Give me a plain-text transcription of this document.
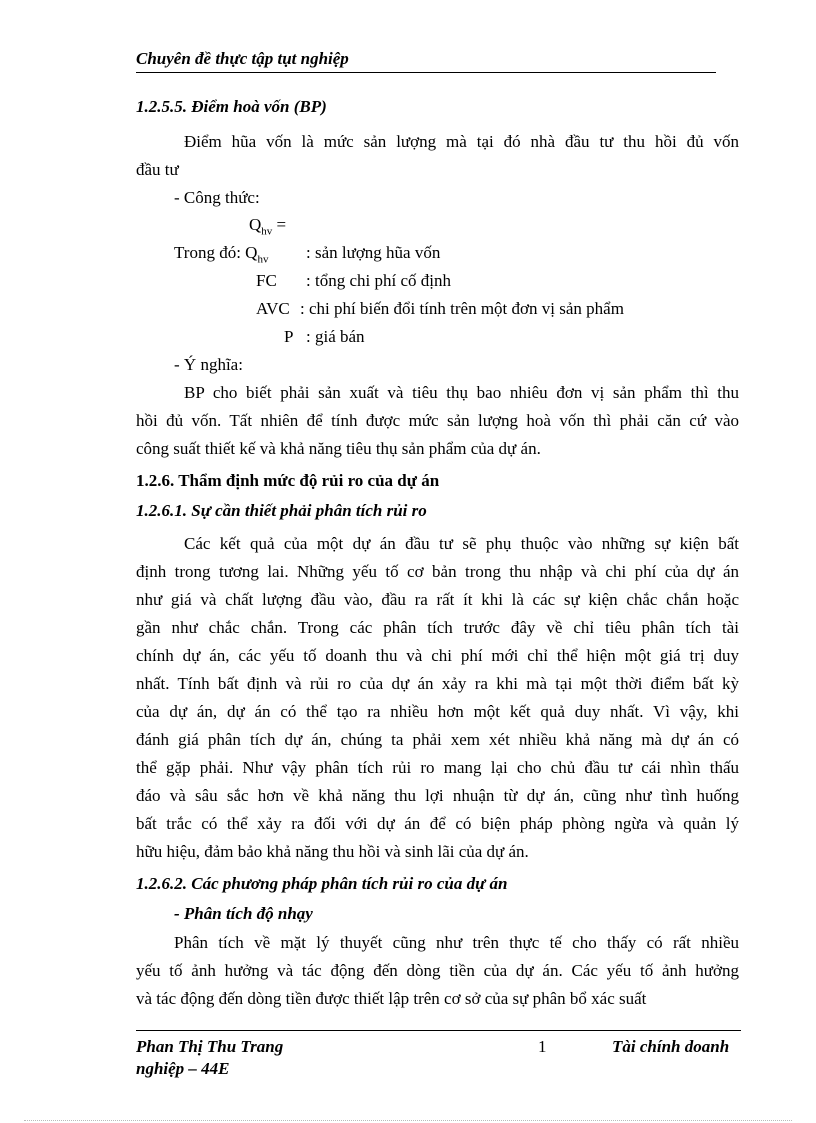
Chuyên đề thực tập tụt nghiệp
1.2.5.5. Điểm hoà vốn (BP)
Điểm hũa vốn là mức sản lượng mà tại đó nhà đầu tư thu hồi đủ vốn
đầu tư
- Công thức:
$Q_{hv}$ =
Trong đó: $Q_{hv}$ : sản lượng hũa vốn
FC : tổng chi phí cố định
AVC : chi phí biến đổi tính trên một đơn vị sản phẩm
P : giá bán
- Ý nghĩa:
BP cho biết phải sản xuất và tiêu thụ bao nhiêu đơn vị sản phẩm thì thu
hồi đủ vốn. Tất nhiên để tính được mức sản lượng hoà vốn thì phải căn cứ vào
công suất thiết kế và khả năng tiêu thụ sản phẩm của dự án.
1.2.6. Thẩm định mức độ rủi ro của dự án
1.2.6.1. Sự cần thiết phải phân tích rủi ro
Các kết quả của một dự án đầu tư sẽ phụ thuộc vào những sự kiện bất
định trong tương lai. Những yếu tố cơ bản trong thu nhập và chi phí của dự án
như giá và chất lượng đầu vào, đầu ra rất ít khi là các sự kiện chắc chắn hoặc
gần như chắc chắn. Trong các phân tích trước đây về chỉ tiêu phân tích tài
chính dự án, các yếu tố doanh thu và chi phí mới chỉ thể hiện một giá trị duy
nhất. Tính bất định và rủi ro của dự án xảy ra khi mà tại một thời điểm bất kỳ
của dự án, dự án có thể tạo ra nhiều hơn một kết quả duy nhất. Vì vậy, khi
đánh giá phân tích dự án, chúng ta phải xem xét nhiều khả năng mà dự án có
thể gặp phải. Như vậy phân tích rủi ro mang lại cho chủ đầu tư cái nhìn thấu
đáo và sâu sắc hơn về khả năng thu lợi nhuận từ dự án, cũng như tình huống
bất trắc có thể xảy ra đối với dự án để có biện pháp phòng ngừa và quản lý
hữu hiệu, đảm bảo khả năng thu hồi và sinh lãi của dự án.
1.2.6.2. Các phương pháp phân tích rủi ro của dự án
- Phân tích độ nhạy
Phân tích về mặt lý thuyết cũng như trên thực tế cho thấy có rất nhiều
yếu tố ảnh hưởng và tác động đến dòng tiền của dự án. Các yếu tố ảnh hưởng
và tác động đến dòng tiền được thiết lập trên cơ sở của sự phân bổ xác suất
Phan Thị Thu Trang	1	Tài chính doanh
nghiệp – 44E
